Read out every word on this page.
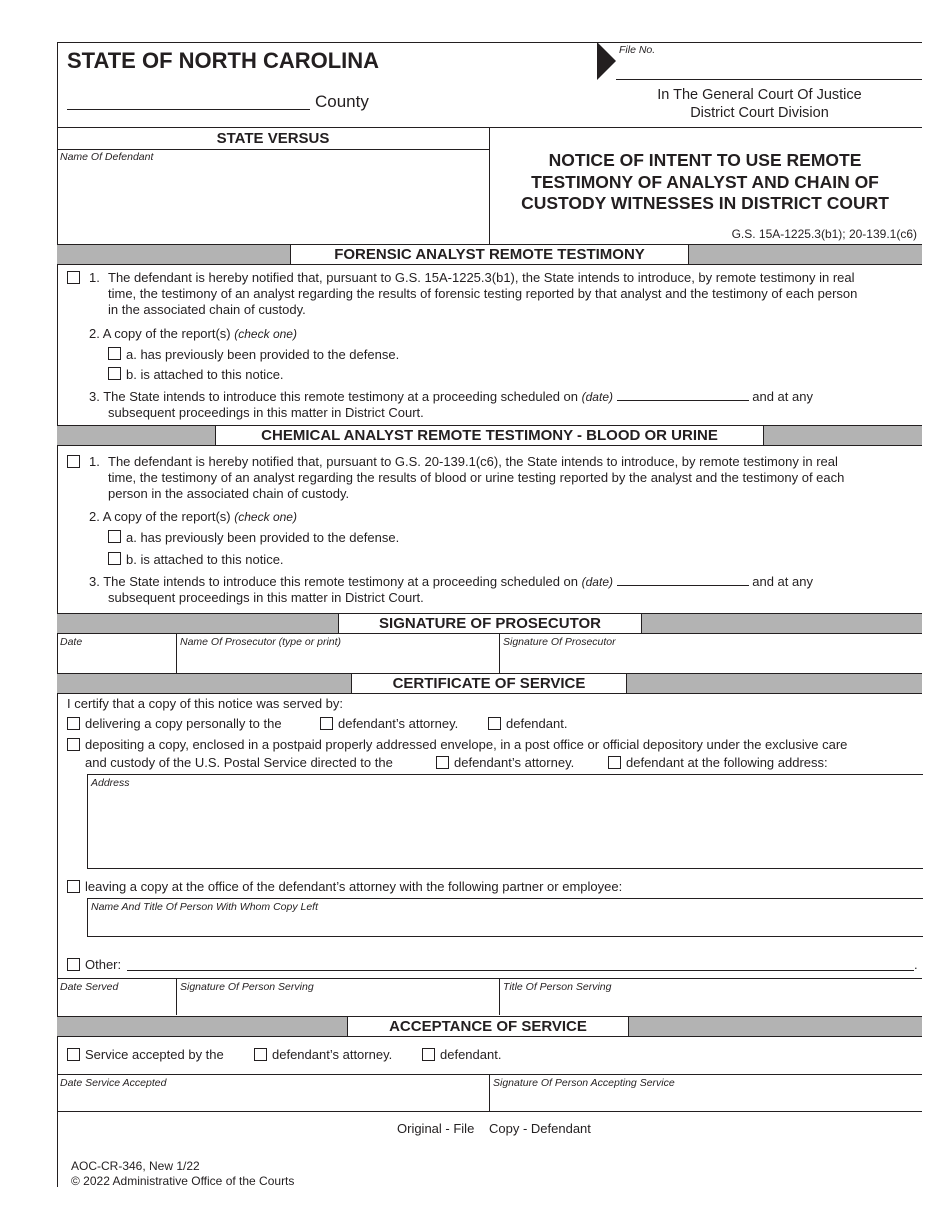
STATE OF NORTH CAROLINA	File No.
County	In The General Court Of Justice
District Court Division
STATE VERSUS
Name Of Defendant	NOTICE OF INTENT TO USE REMOTE
TESTIMONY OF ANALYST AND CHAIN OF
CUSTODY WITNESSES IN DISTRICT COURT
G.S. 15A-1225.3(b1); 20-139.1(c6)
FORENSIC ANALYST REMOTE TESTIMONY
1. The defendant is hereby notified that, pursuant to G.S. 15A-1225.3(b1), the State intends to introduce, by remote testimony in real
time, the testimony of an analyst regarding the results of forensic testing reported by that analyst and the testimony of each person
in the associated chain of custody.
2. A copy of the report(s) (check one)
a. has previously been provided to the defense.
b. is attached to this notice.
3. The State intends to introduce this remote testimony at a proceeding scheduled on (date)	and at any
subsequent proceedings in this matter in District Court.
CHEMICAL ANALYST REMOTE TESTIMONY - BLOOD OR URINE
1. The defendant is hereby notified that, pursuant to G.S. 20-139.1(c6), the State intends to introduce, by remote testimony in real
time, the testimony of an analyst regarding the results of blood or urine testing reported by the analyst and the testimony of each
person in the associated chain of custody.
2. A copy of the report(s) (check one)
a. has previously been provided to the defense.
b. is attached to this notice.
3. The State intends to introduce this remote testimony at a proceeding scheduled on (date)	and at any
subsequent proceedings in this matter in District Court.
SIGNATURE OF PROSECUTOR
Date	Name Of Prosecutor (type or print)	Signature Of Prosecutor
CERTIFICATE OF SERVICE
I certify that a copy of this notice was served by:
delivering a copy personally to the	defendant’s attorney.	defendant.
depositing a copy, enclosed in a postpaid properly addressed envelope, in a post office or official depository under the exclusive care
and custody of the U.S. Postal Service directed to the	defendant’s attorney.	defendant at the following address:
Address
leaving a copy at the office of the defendant’s attorney with the following partner or employee:
Name And Title Of Person With Whom Copy Left
Other:	.
Date Served	Signature Of Person Serving	Title Of Person Serving
ACCEPTANCE OF SERVICE
Service accepted by the	defendant’s attorney.	defendant.
Date Service Accepted	Signature Of Person Accepting Service
Original - File Copy - Defendant
AOC-CR-346, New 1/22
© 2022 Administrative Office of the Courts
